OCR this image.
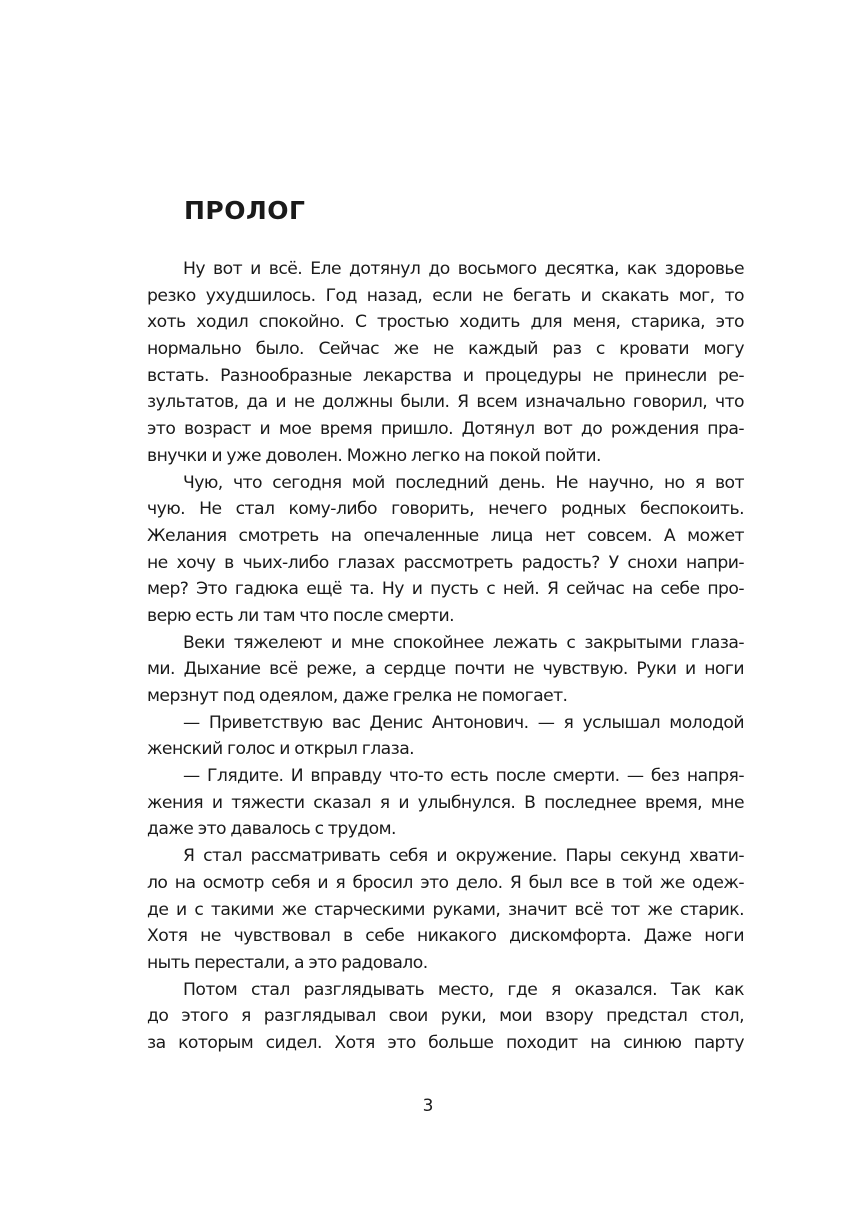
ПРОЛОГ

Ну вот и всё. Еле дотянул до восьмого десятка, как здоровье
резко ухудшилось. Год назад, если не бегать и скакать мог, то
хоть ходил спокойно. С тростью ходить для меня, старика, это
нормально было. Сейчас же не каждый раз с кровати могу
встать. Разнообразные лекарства и процедуры не принесли ре-
зультатов, да и не должны были. Я всем изначально говорил, что
это возраст и мое время пришло. Дотянул вот до рождения пра-
внучки и уже доволен. Можно легко на покой пойти.

Чую, что сегодня мой последний день. Не научно, но я вот
чую. Не стал кому-либо говорить, нечего родных беспокоить.
Желания смотреть на опечаленные лица нет совсем. А может
не хочу в чьих-либо глазах рассмотреть радость? У снохи напри-
мер? Это гадюка ещё та. Ну и пусть с ней. Я сейчас на себе про-
верю есть ли там что после смерти.

Веки тяжелеют и мне спокойнее лежать с закрытыми глаза-
ми. Дыхание всё реже, а сердце почти не чувствую. Руки и ноги
мерзнут под одеялом, даже грелка не помогает.

— Приветствую вас Денис Антонович. — я услышал молодой
женский голос и открыл глаза.

— Глядите. И вправду что-то есть после смерти. — без напря-
жения и тяжести сказал я и улыбнулся. В последнее время, мне
даже это давалось с трудом.

Я стал рассматривать себя и окружение. Пары секунд хвати-
ло на осмотр себя и я бросил это дело. Я был все в той же одеж-
де и с такими же старческими руками, значит всё тот же старик.
Хотя не чувствовал в себе никакого дискомфорта. Даже ноги
ныть перестали, а это радовало.

Потом стал разглядывать место, где я оказался. Так как
до этого я разглядывал свои руки, мои взору предстал стол,
за которым сидел. Хотя это больше походит на синюю парту

3
